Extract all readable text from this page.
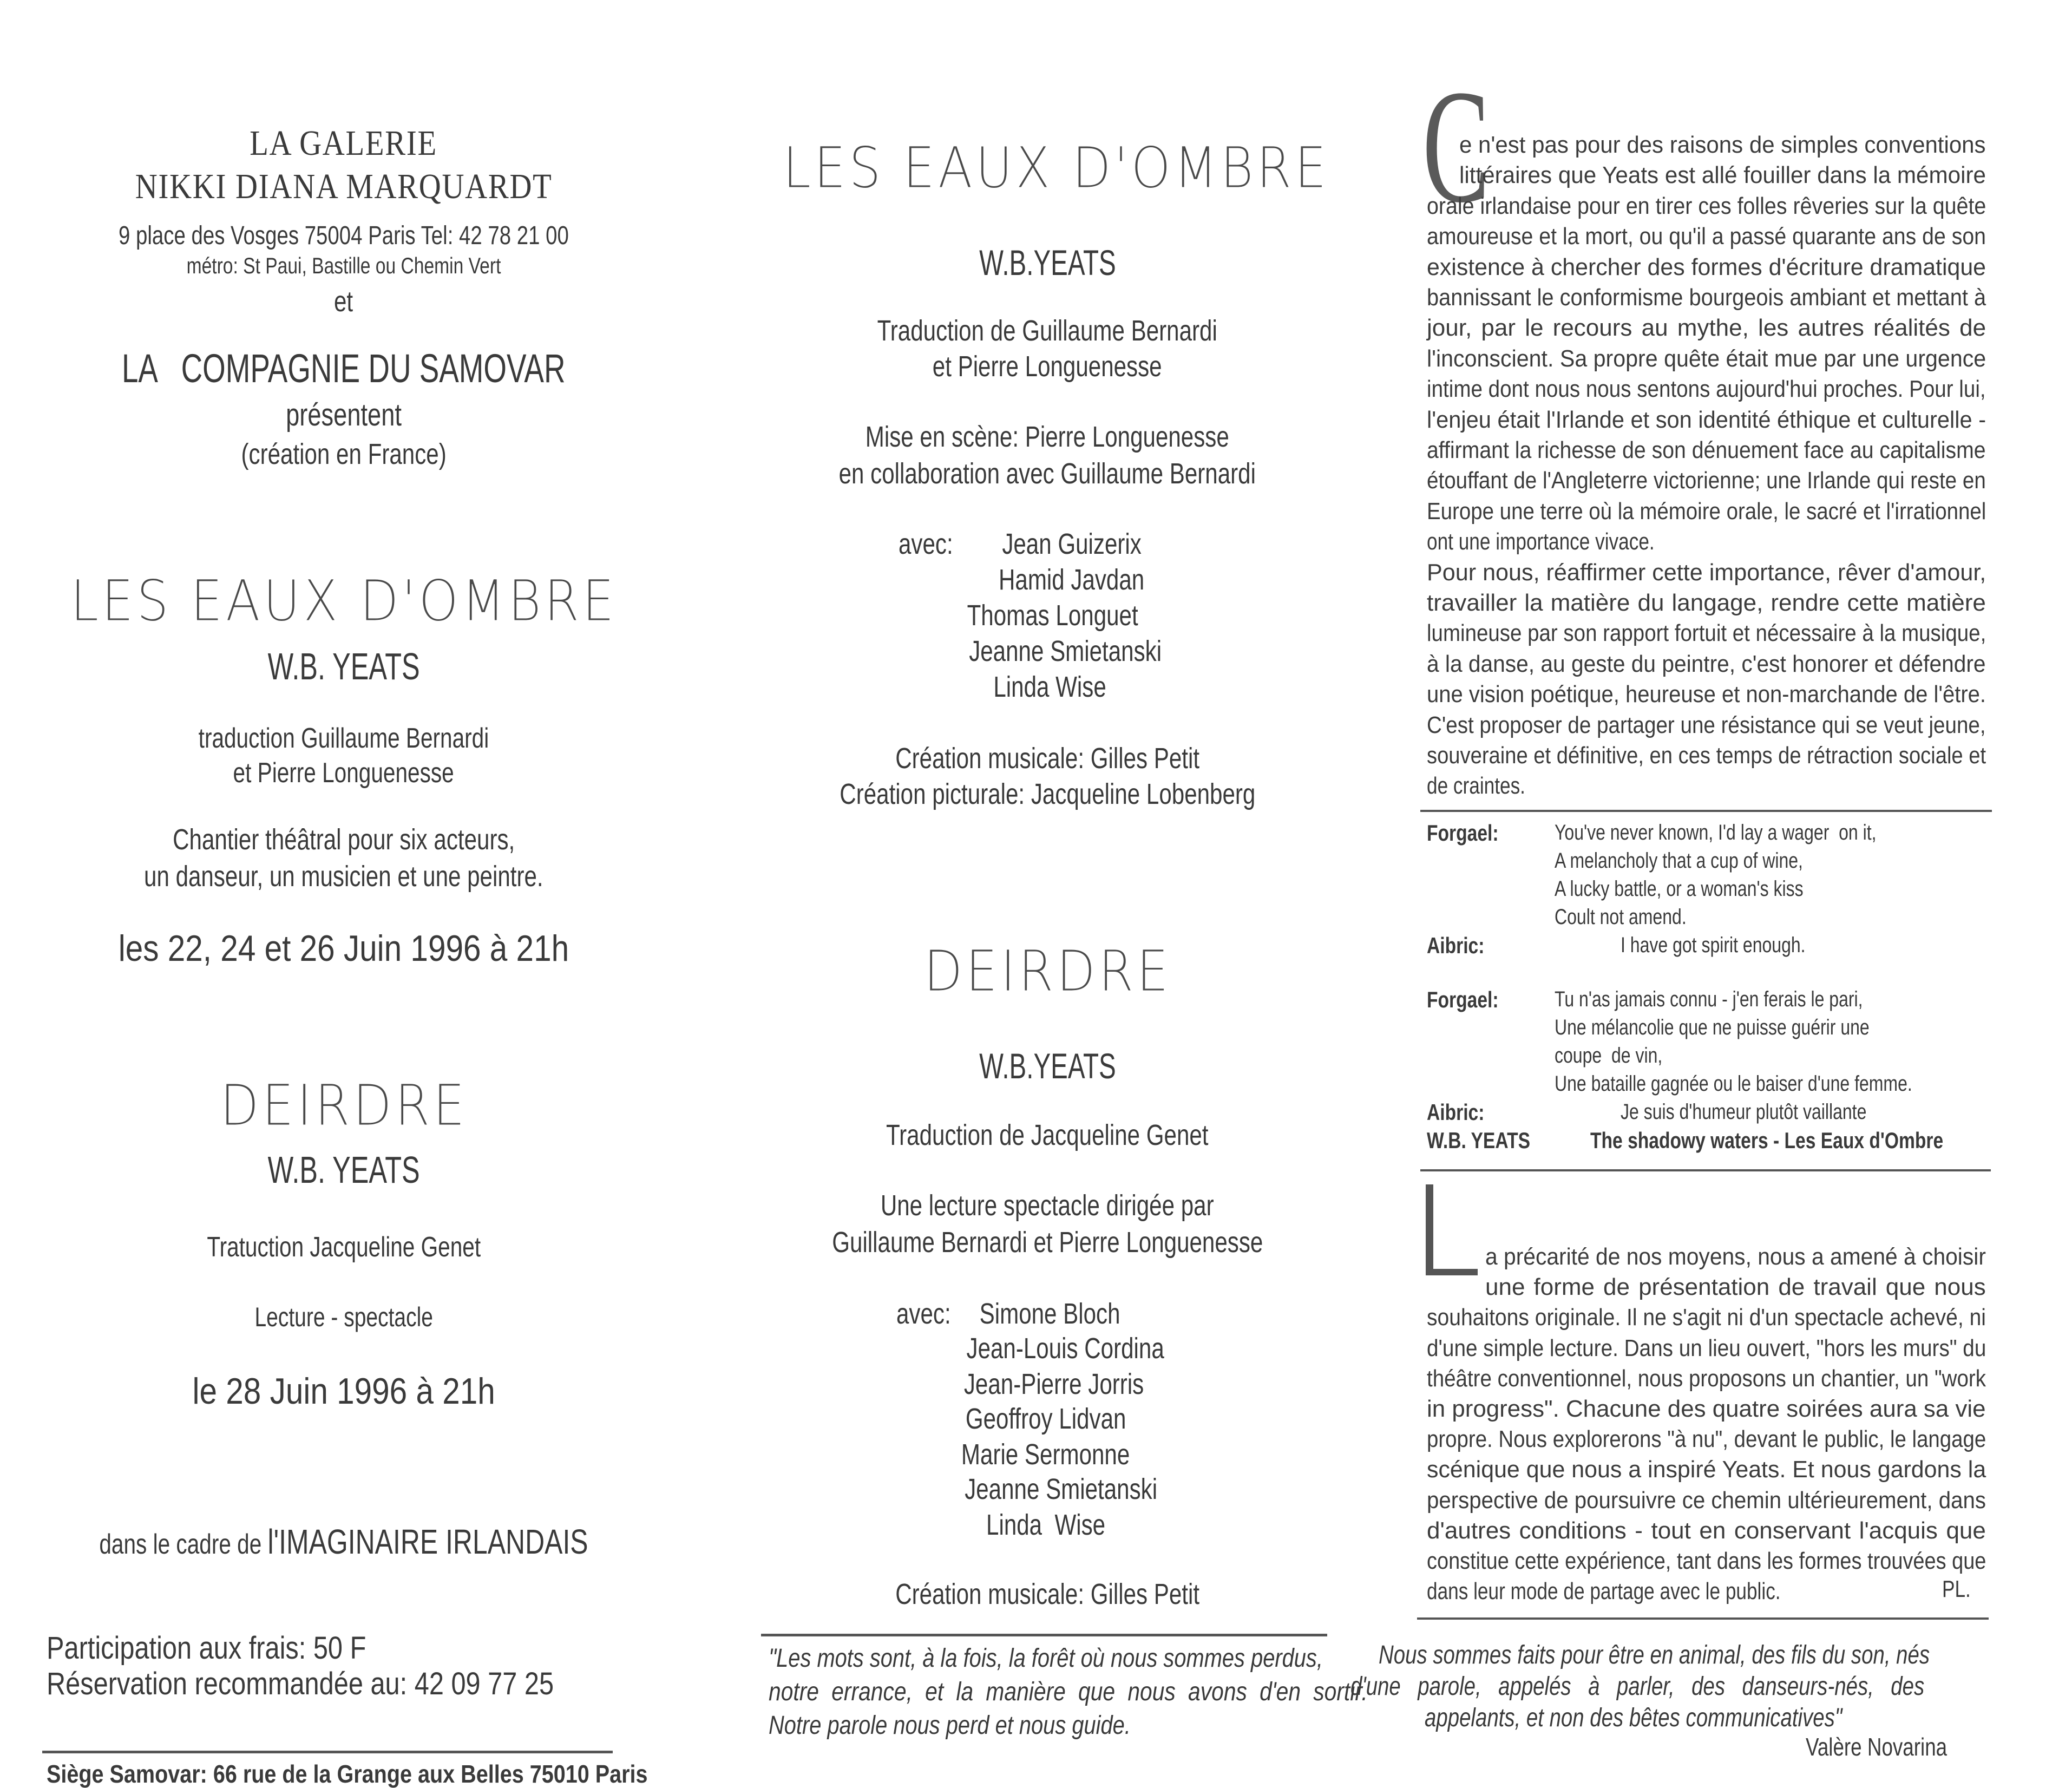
LA GALERIE
NIKKI DIANA MARQUARDT
9 place des Vosges 75004 Paris Tel: 42 78 21 00
métro: St Paui, Bastille ou Chemin Vert
et
LA   COMPAGNIE DU SAMOVAR
présentent
(création en France)
LES EAUX D'OMBRE
W.B. YEATS
traduction Guillaume Bernardi
et Pierre Longuenesse
Chantier théâtral pour six acteurs,
un danseur, un musicien et une peintre.
les 22, 24 et 26 Juin 1996 à 21h
DEIRDRE
W.B. YEATS
Tratuction Jacqueline Genet
Lecture - spectacle
le 28 Juin 1996 à 21h
dans le cadre de l'IMAGINAIRE IRLANDAIS
Participation aux frais: 50 F
Réservation recommandée au: 42 09 77 25
Siège Samovar: 66 rue de la Grange aux Belles 75010 Paris
LES EAUX D'OMBRE
W.B.YEATS
Traduction de Guillaume Bernardi
et Pierre Longuenesse
Mise en scène: Pierre Longuenesse
en collaboration avec Guillaume Bernardi
avec:	Jean Guizerix
Hamid Javdan
Thomas Longuet
Jeanne Smietanski
Linda Wise
Création musicale: Gilles Petit
Création picturale: Jacqueline Lobenberg
DEIRDRE
W.B.YEATS
Traduction de Jacqueline Genet
Une lecture spectacle dirigée par
Guillaume Bernardi et Pierre Longuenesse
avec: Simone Bloch
Jean-Louis Cordina
Jean-Pierre Jorris
Geoffroy Lidvan
Marie Sermonne
Jeanne Smietanski
Linda  Wise
Création musicale: Gilles Petit
"Les mots sont, à la fois, la forêt où nous sommes perdus,
notre errance, et la manière que nous avons d'en sortir.
Notre parole nous perd et nous guide.
C
e n'est pas pour des raisons de simples conventions
littéraires que Yeats est allé fouiller dans la mémoire
orale irlandaise pour en tirer ces folles rêveries sur la quête
amoureuse et la mort, ou qu'il a passé quarante ans de son
existence à chercher des formes d'écriture dramatique
bannissant le conformisme bourgeois ambiant et mettant à
jour, par le recours au mythe, les autres réalités de
l'inconscient. Sa propre quête était mue par une urgence
intime dont nous nous sentons aujourd'hui proches. Pour lui,
l'enjeu était l'Irlande et son identité éthique et culturelle -
affirmant la richesse de son dénuement face au capitalisme
étouffant de l'Angleterre victorienne; une Irlande qui reste en
Europe une terre où la mémoire orale, le sacré et l'irrationnel
ont une importance vivace.
Pour nous, réaffirmer cette importance, rêver d'amour,
travailler la matière du langage, rendre cette matière
lumineuse par son rapport fortuit et nécessaire à la musique,
à la danse, au geste du peintre, c'est honorer et défendre
une vision poétique, heureuse et non-marchande de l'être.
C'est proposer de partager une résistance qui se veut jeune,
souveraine et définitive, en ces temps de rétraction sociale et
de craintes.
Forgael:	You've never known, I'd lay a wager  on it,
A melancholy that a cup of wine,
A lucky battle, or a woman's kiss
Coult not amend.
Aibric:	I have got spirit enough.
Forgael:	Tu n'as jamais connu - j'en ferais le pari,
Une mélancolie que ne puisse guérir une
coupe  de vin,
Une bataille gagnée ou le baiser d'une femme.
Aibric:	Je suis d'humeur plutôt vaillante
W.B. YEATS	The shadowy waters - Les Eaux d'Ombre
a précarité de nos moyens, nous a amené à choisir
une forme de présentation de travail que nous
souhaitons originale. Il ne s'agit ni d'un spectacle achevé, ni
d'une simple lecture. Dans un lieu ouvert, "hors les murs" du
théâtre conventionnel, nous proposons un chantier, un "work
in progress". Chacune des quatre soirées aura sa vie
propre. Nous explorerons "à nu", devant le public, le langage
scénique que nous a inspiré Yeats. Et nous gardons la
perspective de poursuivre ce chemin ultérieurement, dans
d'autres conditions - tout en conservant l'acquis que
constitue cette expérience, tant dans les formes trouvées que
dans leur mode de partage avec le public.	PL.
Nous sommes faits pour être en animal, des fils du son, nés
d'une parole, appelés à parler, des danseurs-nés, des
appelants, et non des bêtes communicatives"
Valère Novarina
